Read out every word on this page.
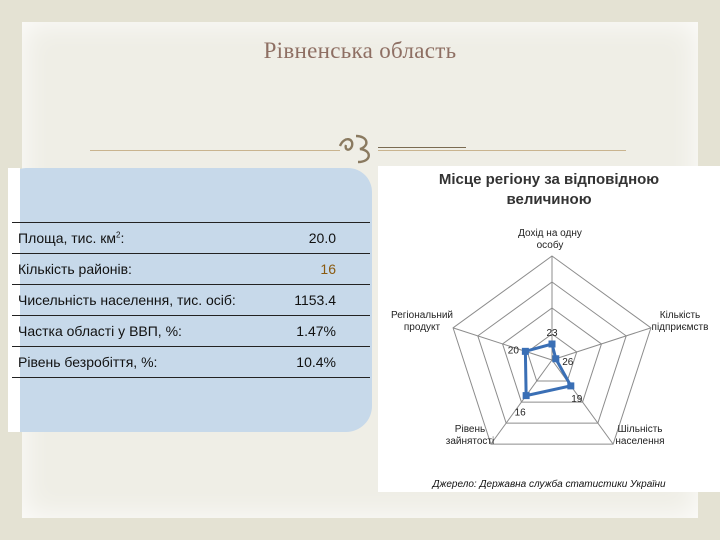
Рівненська область
Площа, тис. $км^2$:	20.0
Кількість районів:	16
Чисельність населення, тис. осіб:	1153.4
Частка області у ВВП, %:	1.47%
Рівень безробіття, %:	10.4%
Місце регіону за відповідною
величиною
23
26
19
16
20
Дохід на одну
особу
Кількість
підприємств
Шільність
населення
Рівень
зайнятості
Регіональний
продукт
Джерело: Державна служба статистики України
